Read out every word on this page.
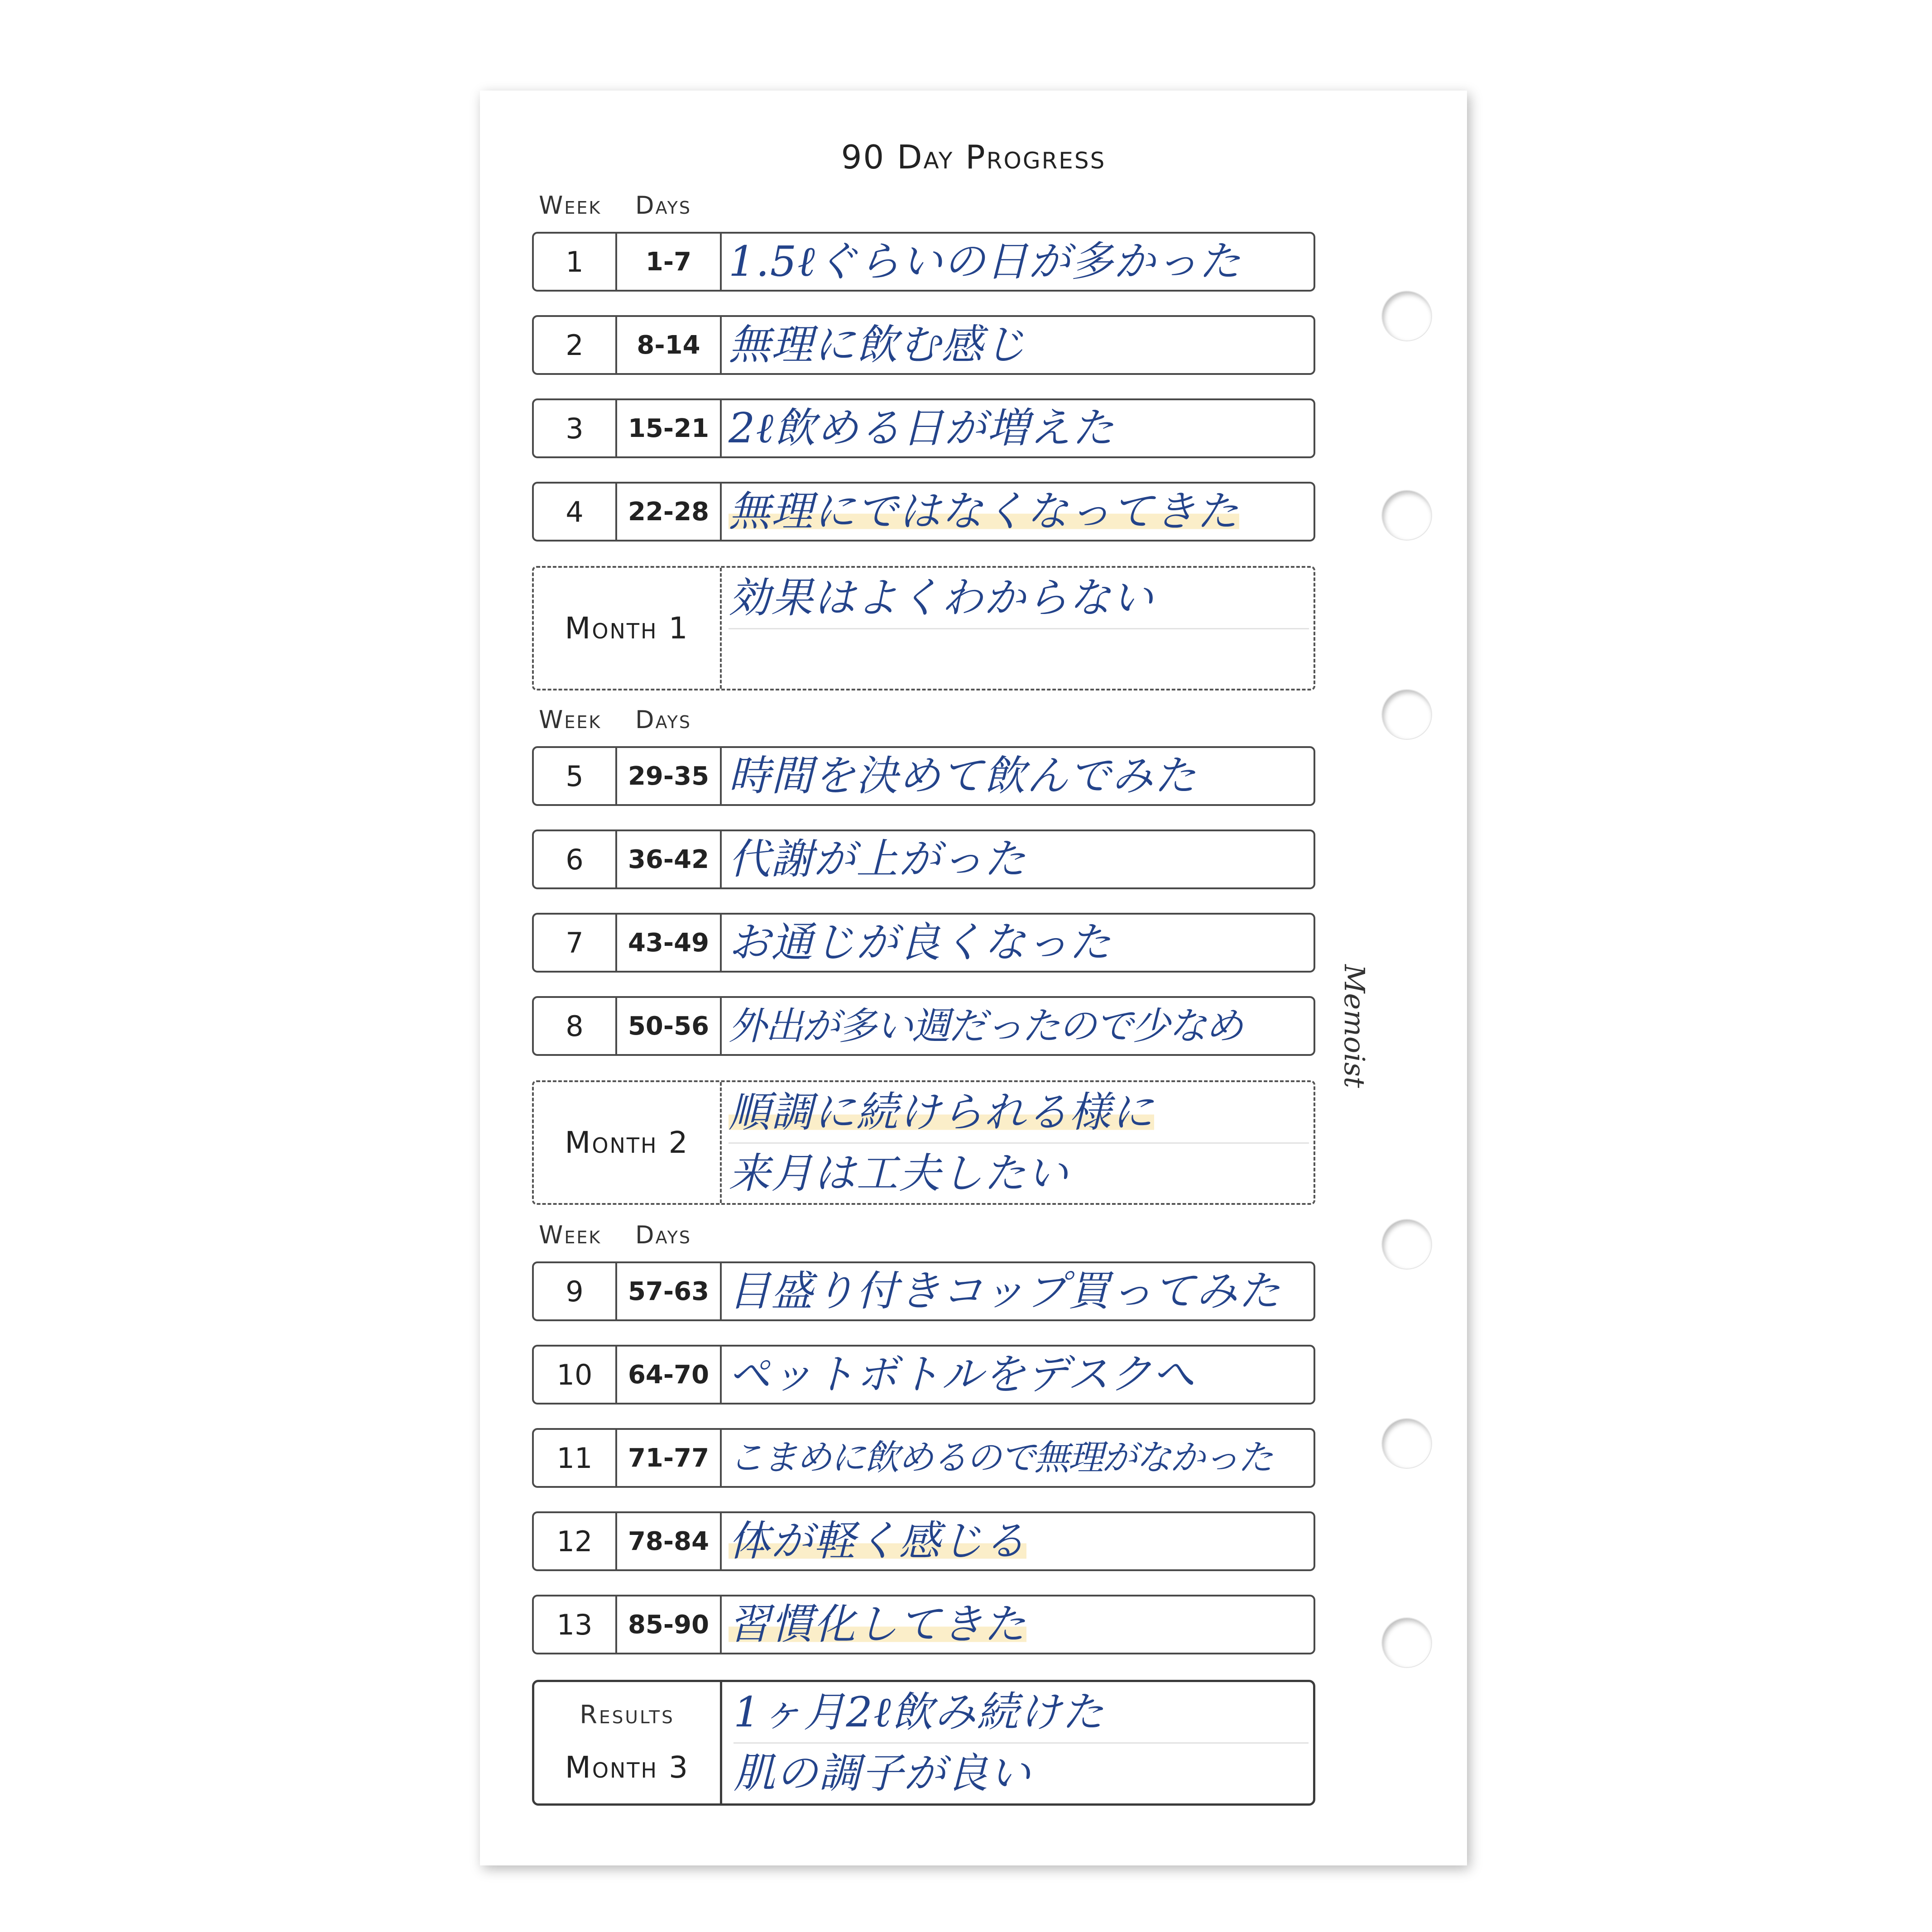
90 Day Progress
Week Days
1	1-7 1.5ℓぐらいの日が多かった
2	8-14 無理に飲む感じ
3	15-21 2ℓ飲める日が増えた
4	22-28 無理にではなくなってきた
Month 1
効果はよくわからない
Week Days
5	29-35 時間を決めて飲んでみた
6	36-42 代謝が上がった
7	43-49 お通じが良くなった
8	50-56 外出が多い週だったので少なめ
Month 2
順調に続けられる様に
来月は工夫したい
Week Days
9	57-63 目盛り付きコップ買ってみた
10	64-70 ペットボトルをデスクへ
11	71-77 こまめに飲めるので無理がなかった
12	78-84 体が軽く感じる
13	85-90 習慣化してきた
Results
Month 3
1ヶ月2ℓ飲み続けた
肌の調子が良い
Memoist
